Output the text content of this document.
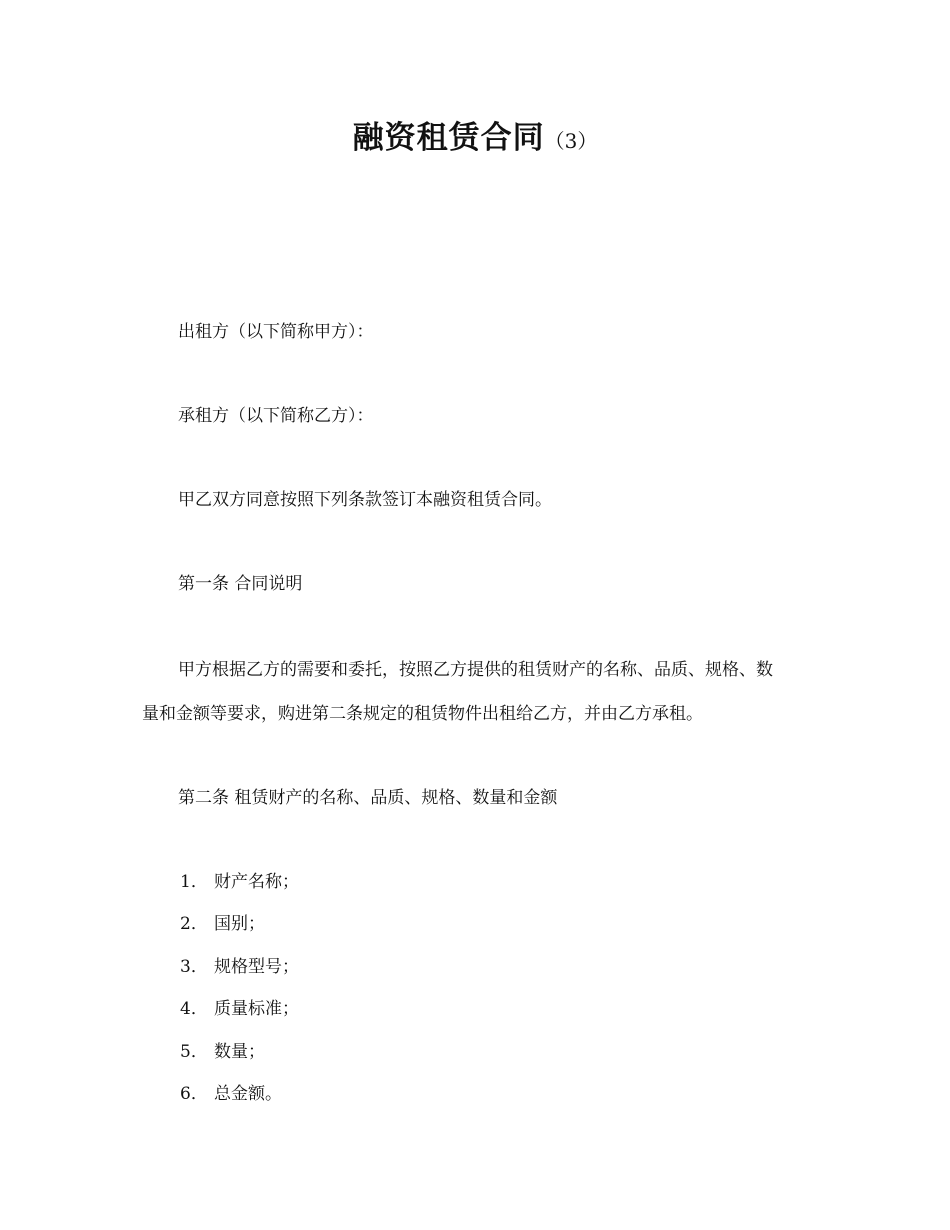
融资租赁合同（3）
出租方（以下简称甲方）：
承租方（以下简称乙方）：
甲乙双方同意按照下列条款签订本融资租赁合同。
第一条 合同说明
甲方根据乙方的需要和委托，按照乙方提供的租赁财产的名称、品质、规格、数
量和金额等要求，购进第二条规定的租赁物件出租给乙方，并由乙方承租。
第二条 租赁财产的名称、品质、规格、数量和金额
1． 财产名称；
2． 国别；
3． 规格型号；
4． 质量标准；
5． 数量；
6． 总金额。
